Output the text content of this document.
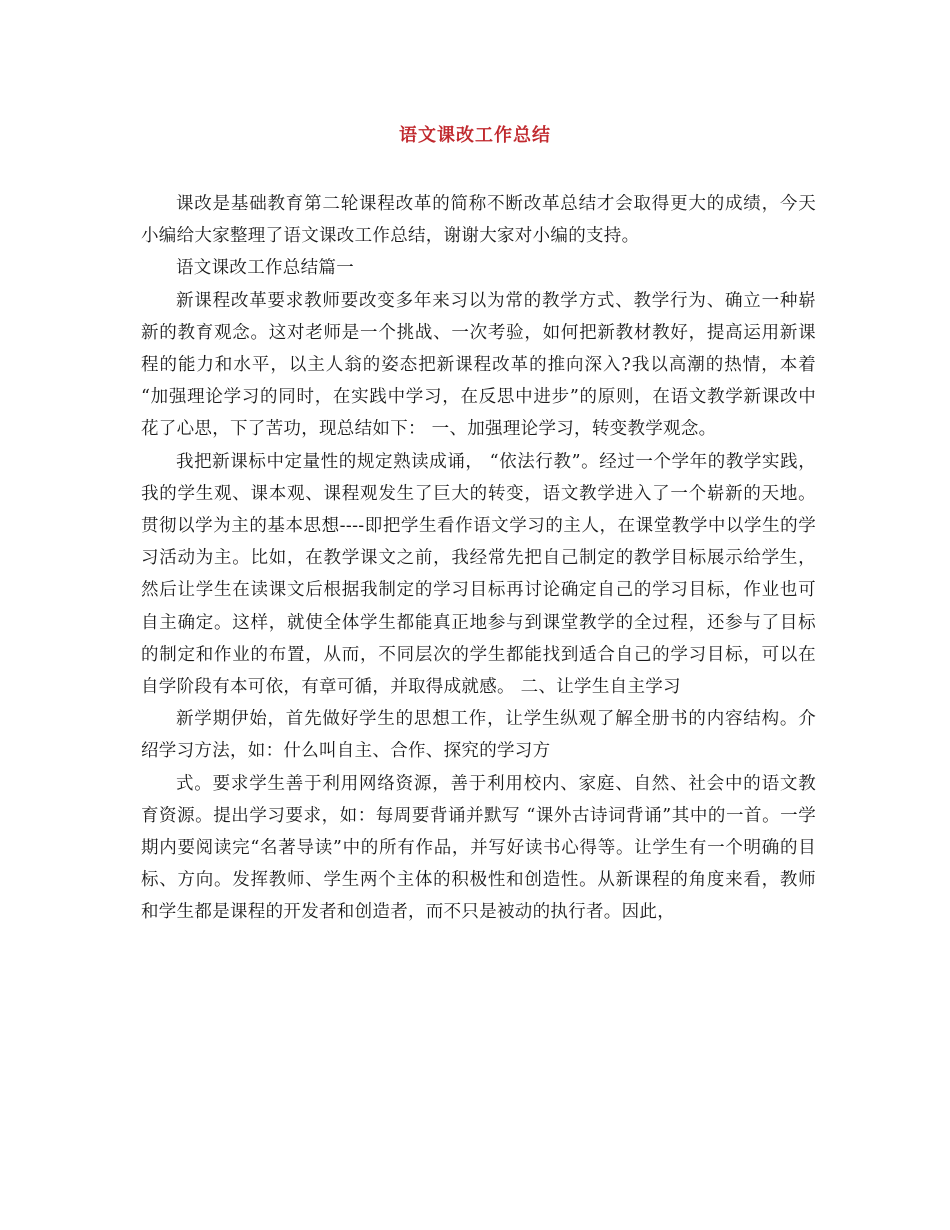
语文课改工作总结

课改是基础教育第二轮课程改革的简称不断改革总结才会取得更大的成绩，今天小编给大家整理了语文课改工作总结，谢谢大家对小编的支持。

语文课改工作总结篇一

新课程改革要求教师要改变多年来习以为常的教学方式、教学行为、确立一种崭新的教育观念。这对老师是一个挑战、一次考验，如何把新教材教好，提高运用新课程的能力和水平，以主人翁的姿态把新课程改革的推向深入?我以高潮的热情，本着 “加强理论学习的同时，在实践中学习，在反思中进步”的原则，在语文教学新课改中花了心思，下了苦功，现总结如下： 一、加强理论学习，转变教学观念。

我把新课标中定量性的规定熟读成诵， “依法行教”。经过一个学年的教学实践，我的学生观、课本观、课程观发生了巨大的转变，语文教学进入了一个崭新的天地。贯彻以学为主的基本思想----即把学生看作语文学习的主人，在课堂教学中以学生的学习活动为主。比如，在教学课文之前，我经常先把自己制定的教学目标展示给学生，然后让学生在读课文后根据我制定的学习目标再讨论确定自己的学习目标，作业也可自主确定。这样，就使全体学生都能真正地参与到课堂教学的全过程，还参与了目标的制定和作业的布置，从而，不同层次的学生都能找到适合自己的学习目标，可以在自学阶段有本可依，有章可循，并取得成就感。 二、让学生自主学习

新学期伊始，首先做好学生的思想工作，让学生纵观了解全册书的内容结构。介绍学习方法，如：什么叫自主、合作、探究的学习方

式。要求学生善于利用网络资源，善于利用校内、家庭、自然、社会中的语文教育资源。提出学习要求，如：每周要背诵并默写 “课外古诗词背诵”其中的一首。一学期内要阅读完“名著导读”中的所有作品，并写好读书心得等。让学生有一个明确的目标、方向。发挥教师、学生两个主体的积极性和创造性。从新课程的角度来看，教师和学生都是课程的开发者和创造者，而不只是被动的执行者。因此，
